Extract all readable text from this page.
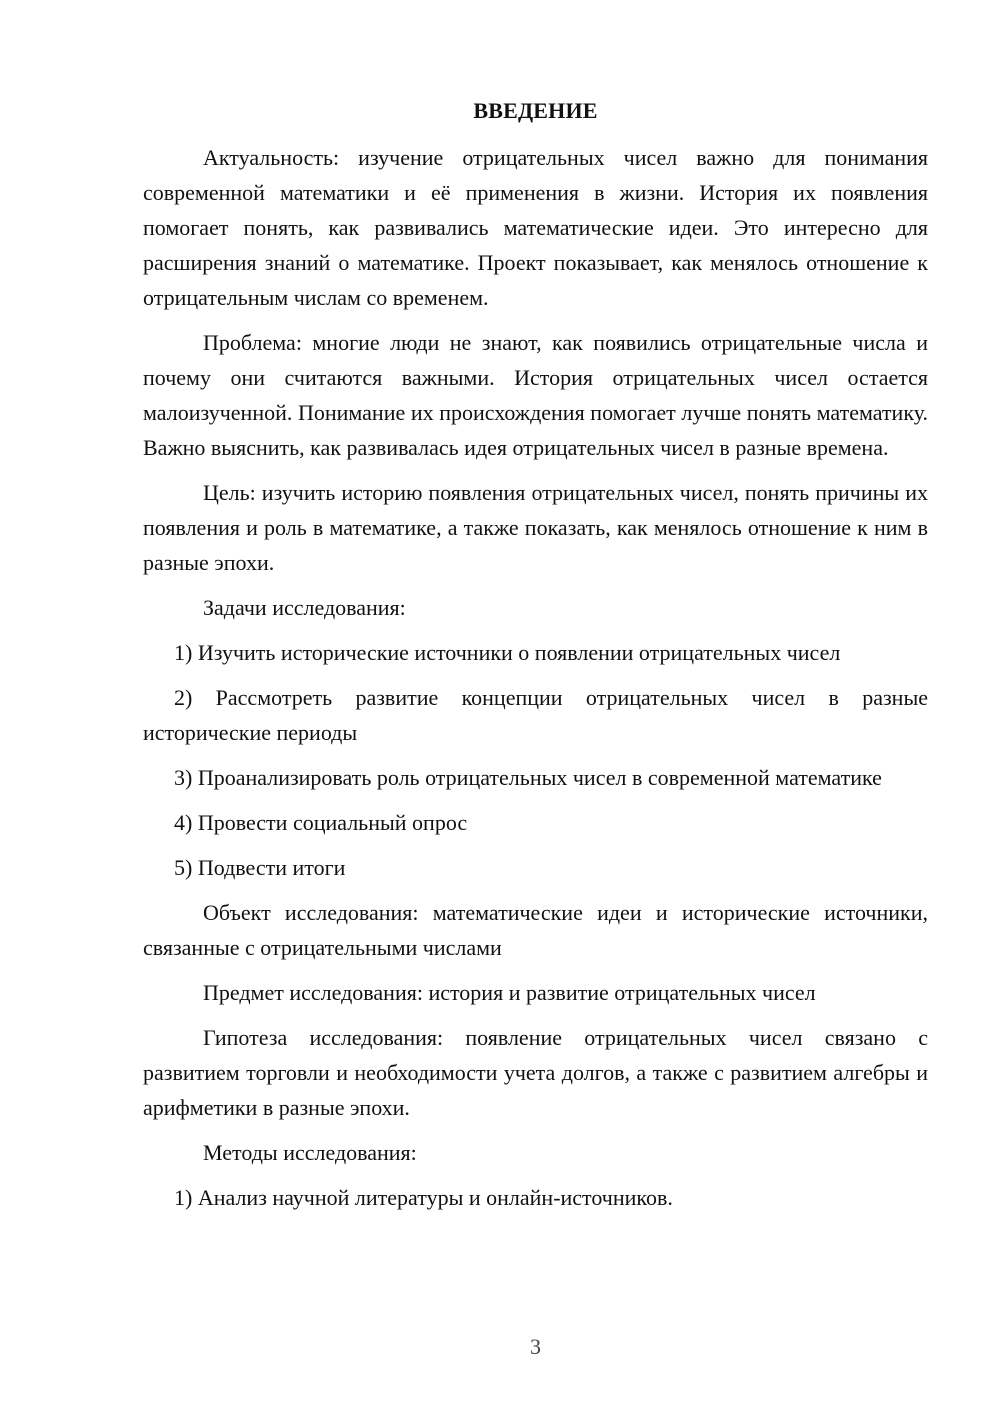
ВВЕДЕНИЕ

Актуальность: изучение отрицательных чисел важно для понимания современной математики и её применения в жизни. История их появления помогает понять, как развивались математические идеи. Это интересно для расширения знаний о математике. Проект показывает, как менялось отношение к отрицательным числам со временем.

Проблема: многие люди не знают, как появились отрицательные числа и почему они считаются важными. История отрицательных чисел остается малоизученной. Понимание их происхождения помогает лучше понять математику. Важно выяснить, как развивалась идея отрицательных чисел в разные времена.

Цель: изучить историю появления отрицательных чисел, понять причины их появления и роль в математике, а также показать, как менялось отношение к ним в разные эпохи.

Задачи исследования:

1) Изучить исторические источники о появлении отрицательных чисел

2) Рассмотреть развитие концепции отрицательных чисел в разные исторические периоды

3) Проанализировать роль отрицательных чисел в современной математике

4) Провести социальный опрос

5) Подвести итоги

Объект исследования: математические идеи и исторические источники, связанные с отрицательными числами

Предмет исследования: история и развитие отрицательных чисел

Гипотеза исследования: появление отрицательных чисел связано с развитием торговли и необходимости учета долгов, а также с развитием алгебры и арифметики в разные эпохи.

Методы исследования:

1) Анализ научной литературы и онлайн-источников.

3
